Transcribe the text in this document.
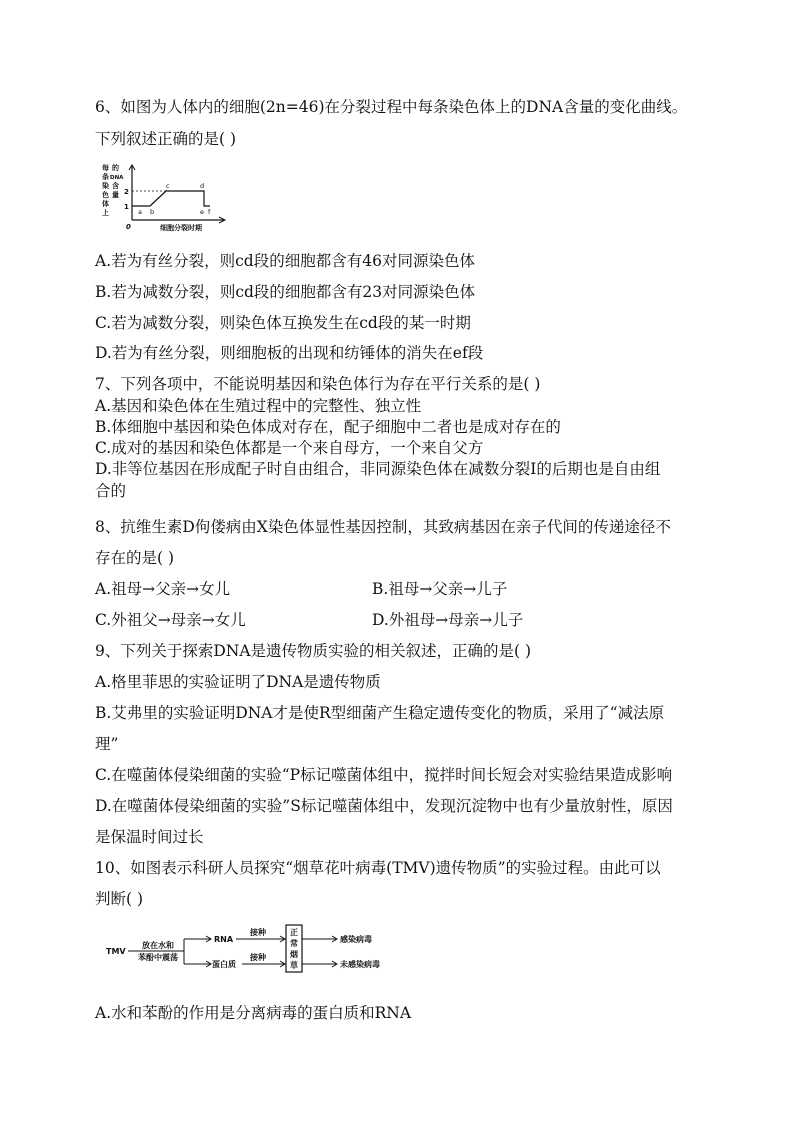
6、如图为人体内的细胞(2n=46)在分裂过程中每条染色体上的DNA含量的变化曲线。
下列叙述正确的是( )
每
条
染
色
体
上
的
DNA
含
量 2
1
0	细胞分裂时期
a b
c	d
e f
A.若为有丝分裂，则cd段的细胞都含有46对同源染色体
B.若为减数分裂，则cd段的细胞都含有23对同源染色体
C.若为减数分裂，则染色体互换发生在cd段的某一时期
D.若为有丝分裂，则细胞板的出现和纺锤体的消失在ef段
7、下列各项中，不能说明基因和染色体行为存在平行关系的是( )
A.基因和染色体在生殖过程中的完整性、独立性
B.体细胞中基因和染色体成对存在，配子细胞中二者也是成对存在的
C.成对的基因和染色体都是一个来自母方，一个来自父方
D.非等位基因在形成配子时自由组合，非同源染色体在减数分裂Ⅰ的后期也是自由组
合的
8、抗维生素D佝偻病由X染色体显性基因控制，其致病基因在亲子代间的传递途径不
存在的是( )
A.祖母→父亲→女儿	B.祖母→父亲→儿子
C.外祖父→母亲→女儿	D.外祖母→母亲→儿子
9、下列关于探索DNA是遗传物质实验的相关叙述，正确的是( )
A.格里菲思的实验证明了DNA是遗传物质
B.艾弗里的实验证明DNA才是使R型细菌产生稳定遗传变化的物质，采用了“减法原
理”
C.在噬菌体侵染细菌的实验“P标记噬菌体组中，搅拌时间长短会对实验结果造成影响
D.在噬菌体侵染细菌的实验”S标记噬菌体组中，发现沉淀物中也有少量放射性，原因
是保温时间过长
10、如图表示科研人员探究“烟草花叶病毒(TMV)遗传物质”的实验过程。由此可以
判断( )
TMV
放在水和
苯酚中震荡
RNA
蛋白质
接种
接种
正
常
烟
草
感染病毒
未感染病毒
A.水和苯酚的作用是分离病毒的蛋白质和RNA
